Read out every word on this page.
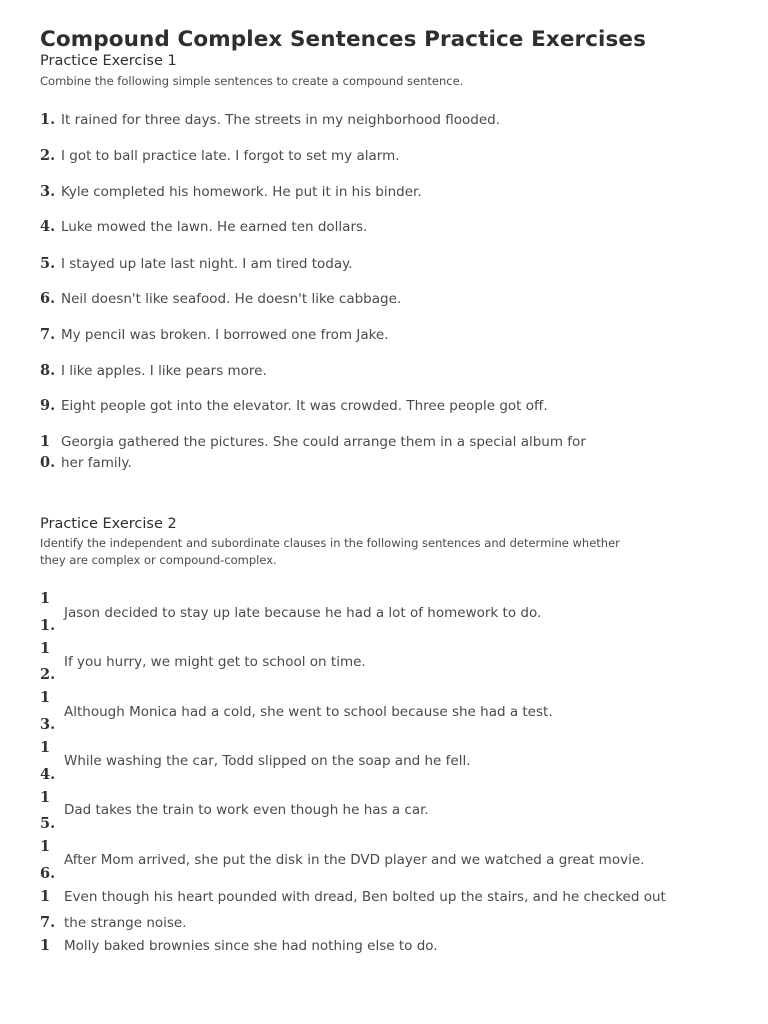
Compound Complex Sentences Practice Exercises
Practice Exercise 1

Combine the following simple sentences to create a compound sentence.

1. It rained for three days. The streets in my neighborhood flooded.
2. I got to ball practice late. I forgot to set my alarm.
3. Kyle completed his homework. He put it in his binder.
4. Luke mowed the lawn. He earned ten dollars.
5. I stayed up late last night. I am tired today.
6. Neil doesn't like seafood. He doesn't like cabbage.
7. My pencil was broken. I borrowed one from Jake.
8. I like apples. I like pears more.
9. Eight people got into the elevator. It was crowded. Three people got off.
1
0.
Georgia gathered the pictures. She could arrange them in a special album for
her family.
Practice Exercise 2

Identify the independent and subordinate clauses in the following sentences and determine whether

they are complex or compound-complex.

1
1.
Jason decided to stay up late because he had a lot of homework to do.
1
2.
If you hurry, we might get to school on time.
1
3.
Although Monica had a cold, she went to school because she had a test.
1
4.
While washing the car, Todd slipped on the soap and he fell.
1
5.
Dad takes the train to work even though he has a car.
1
6.
After Mom arrived, she put the disk in the DVD player and we watched a great movie.
1
7.
Even though his heart pounded with dread, Ben bolted up the stairs, and he checked out
the strange noise.
1 Molly baked brownies since she had nothing else to do.
